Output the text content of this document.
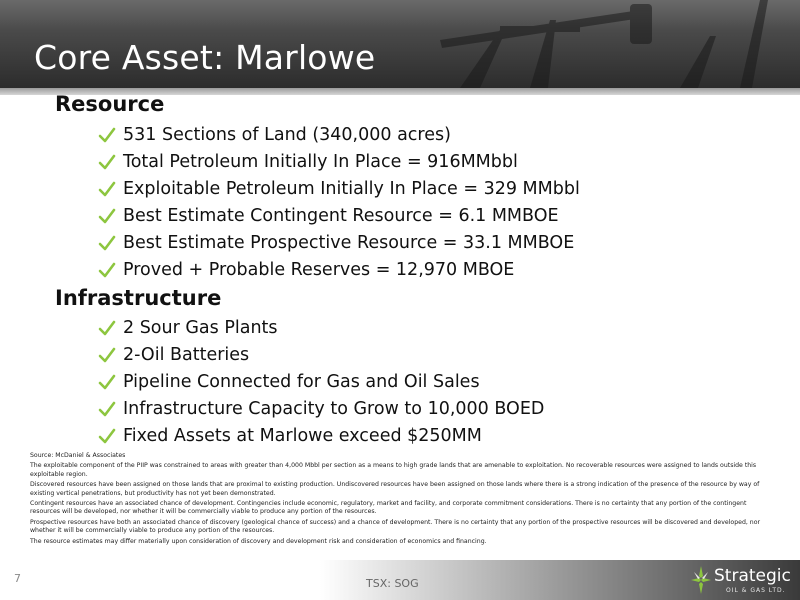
Core Asset: Marlowe
Resource
531 Sections of Land (340,000 acres)
Total Petroleum Initially In Place = 916MMbbl
Exploitable Petroleum Initially In Place = 329 MMbbl
Best Estimate Contingent Resource = 6.1 MMBOE
Best Estimate Prospective Resource = 33.1 MMBOE
Proved + Probable Reserves = 12,970 MBOE
Infrastructure
2 Sour Gas Plants
2-Oil Batteries
Pipeline Connected for Gas and Oil Sales
Infrastructure Capacity to Grow to 10,000 BOED
Fixed Assets at Marlowe exceed $250MM

Source: McDaniel & Associates

The exploitable component of the PIIP was constrained to areas with greater than 4,000 Mbbl per section as a means to high grade lands that are amenable to exploitation. No recoverable resources were assigned to lands outside this exploitable region.

Discovered resources have been assigned on those lands that are proximal to existing production. Undiscovered resources have been assigned on those lands where there is a strong indication of the presence of the resource by way of existing vertical penetrations, but productivity has not yet been demonstrated.

Contingent resources have an associated chance of development. Contingencies include economic, regulatory, market and facility, and corporate commitment considerations. There is no certainty that any portion of the contingent resources will be developed, nor whether it will be commercially viable to produce any portion of the resources.

Prospective resources have both an associated chance of discovery (geological chance of success) and a chance of development. There is no certainty that any portion of the prospective resources will be discovered and developed, nor whether it will be commercially viable to produce any portion of the resources.

The resource estimates may differ materially upon consideration of discovery and development risk and consideration of economics and financing.

7	TSX: SOG	Strategic
OIL & GAS LTD.
